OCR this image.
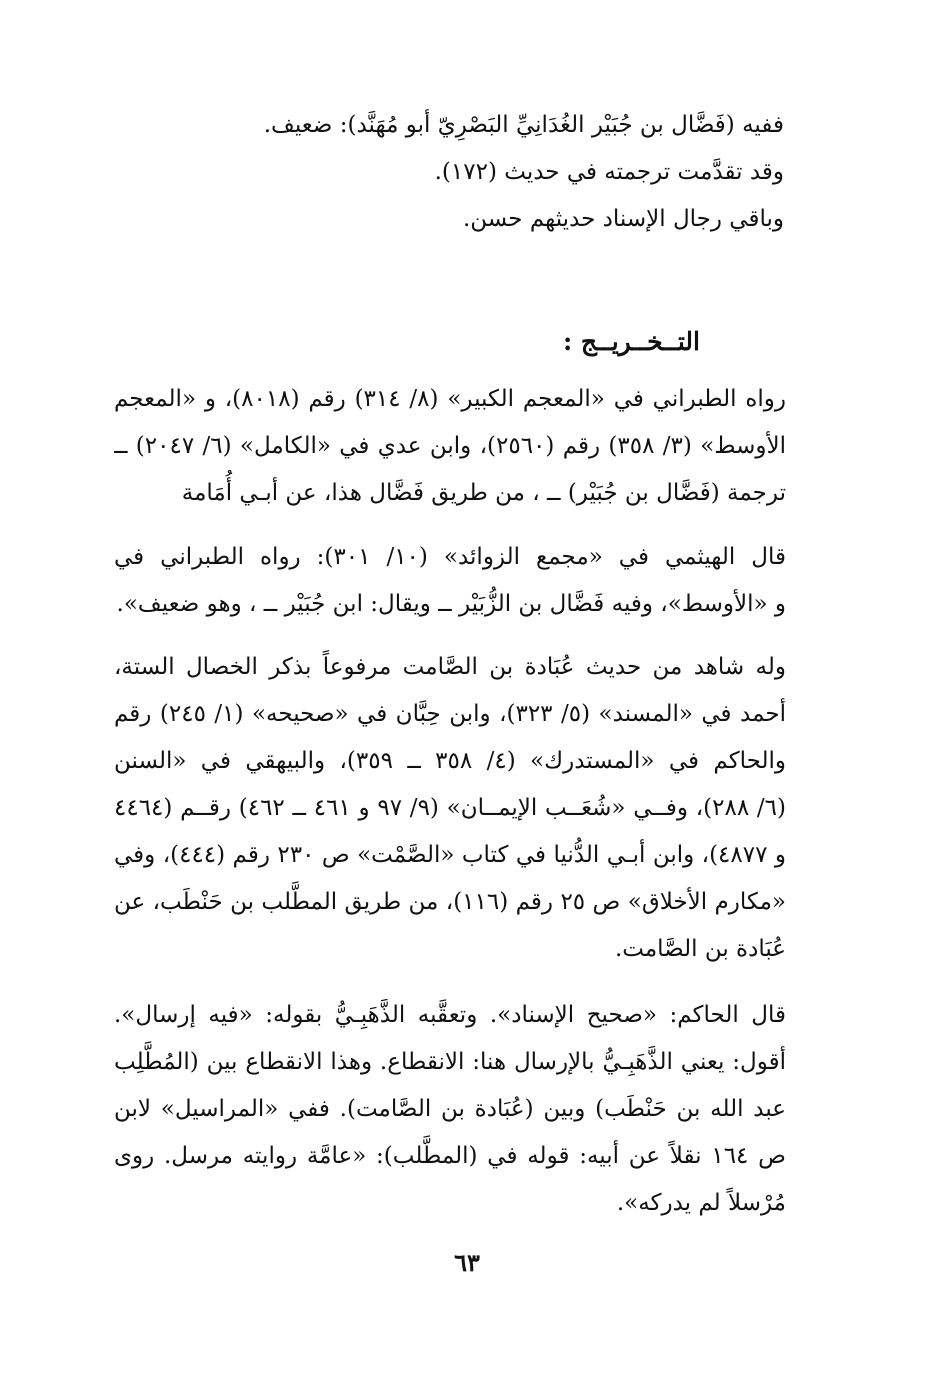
ففيه (فَضَّال بن جُبَيْر الغُدَانِيِّ البَصْرِيّ أبو مُهَنَّد): ضعيف.
وقد تقدَّمت ترجمته في حديث (١٧٢).
وباقي رجال الإسناد حديثهم حسن.
التــخــريــج :
رواه الطبراني في «المعجم الكبير» (٨/ ٣١٤) رقم (٨٠١٨)، و «المعجم
الأوسط» (٣/ ٣٥٨) رقم (٢٥٦٠)، وابن عدي في «الكامل» (٦/ ٢٠٤٧) ــ
ترجمة (فَضَّال بن جُبَيْر) ــ ، من طريق فَضَّال هذا، عن أبـي أُمَامة
قال الهيثمي في «مجمع الزوائد» (١٠/ ٣٠١): رواه الطبراني في
و «الأوسط»، وفيه فَضَّال بن الزُّبَيْر ــ ويقال: ابن جُبَيْر ــ ، وهو ضعيف».
وله شاهد من حديث عُبَادة بن الصَّامت مرفوعاً بذكر الخصال الستة،
أحمد في «المسند» (٥/ ٣٢٣)، وابن حِبَّان في «صحيحه» (١/ ٢٤٥) رقم
والحاكم في «المستدرك» (٤/ ٣٥٨ ــ ٣٥٩)، والبيهقي في «السنن
(٦/ ٢٨٨)، وفــي «شُعَــب الإيمــان» (٩/ ٩٧ و ٤٦١ ــ ٤٦٢) رقــم (٤٤٦٤
و ٤٨٧٧)، وابن أبـي الدُّنيا في كتاب «الصَّمْت» ص ٢٣٠ رقم (٤٤٤)، وفي
«مكارم الأخلاق» ص ٢٥ رقم (١١٦)، من طريق المطَّلب بن حَنْطَب، عن
عُبَادة بن الصَّامت.
قال الحاكم: «صحيح الإسناد». وتعقَّبه الذَّهَبِـيُّ بقوله: «فيه إرسال».
أقول: يعني الذَّهَبِـيُّ بالإرسال هنا: الانقطاع. وهذا الانقطاع بين (المُطَّلِب
عبد الله بن حَنْطَب) وبين (عُبَادة بن الصَّامت). ففي «المراسيل» لابن
ص ١٦٤ نقلاً عن أبيه: قوله في (المطَّلب): «عامَّة روايته مرسل. روى
مُرْسلاً لم يدركه».
٦٣
